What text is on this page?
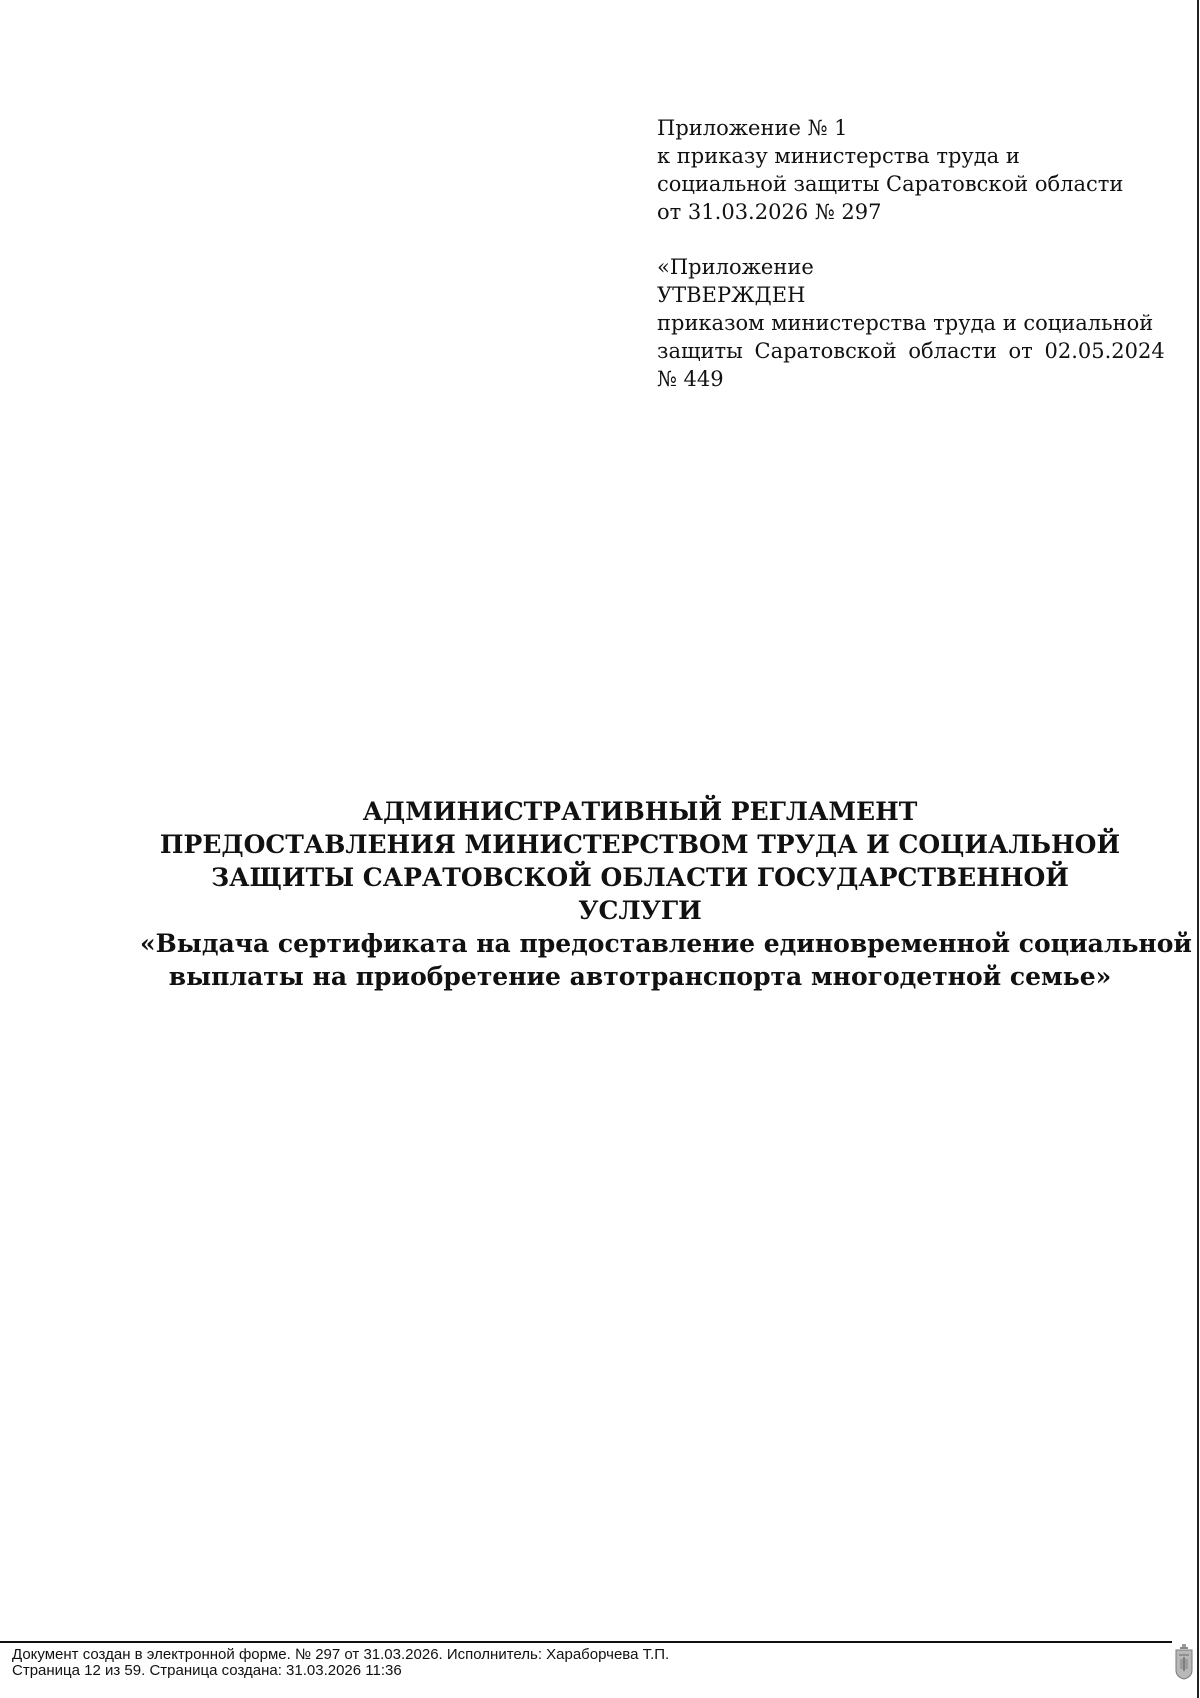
Приложение № 1
к приказу министерства труда и
социальной защиты Саратовской области
от 31.03.2026 № 297
«Приложение
УТВЕРЖДЕН
приказом министерства труда и социальной
защиты Саратовской области от 02.05.2024
№ 449
АДМИНИСТРАТИВНЫЙ РЕГЛАМЕНТ
ПРЕДОСТАВЛЕНИЯ МИНИСТЕРСТВОМ ТРУДА И СОЦИАЛЬНОЙ
ЗАЩИТЫ САРАТОВСКОЙ ОБЛАСТИ ГОСУДАРСТВЕННОЙ
УСЛУГИ
«Выдача сертификата на предоставление единовременной социальной
выплаты на приобретение автотранспорта многодетной семье»
Документ создан в электронной форме. № 297 от 31.03.2026. Исполнитель: Хараборчева Т.П.
Страница 12 из 59. Страница создана: 31.03.2026 11:36
